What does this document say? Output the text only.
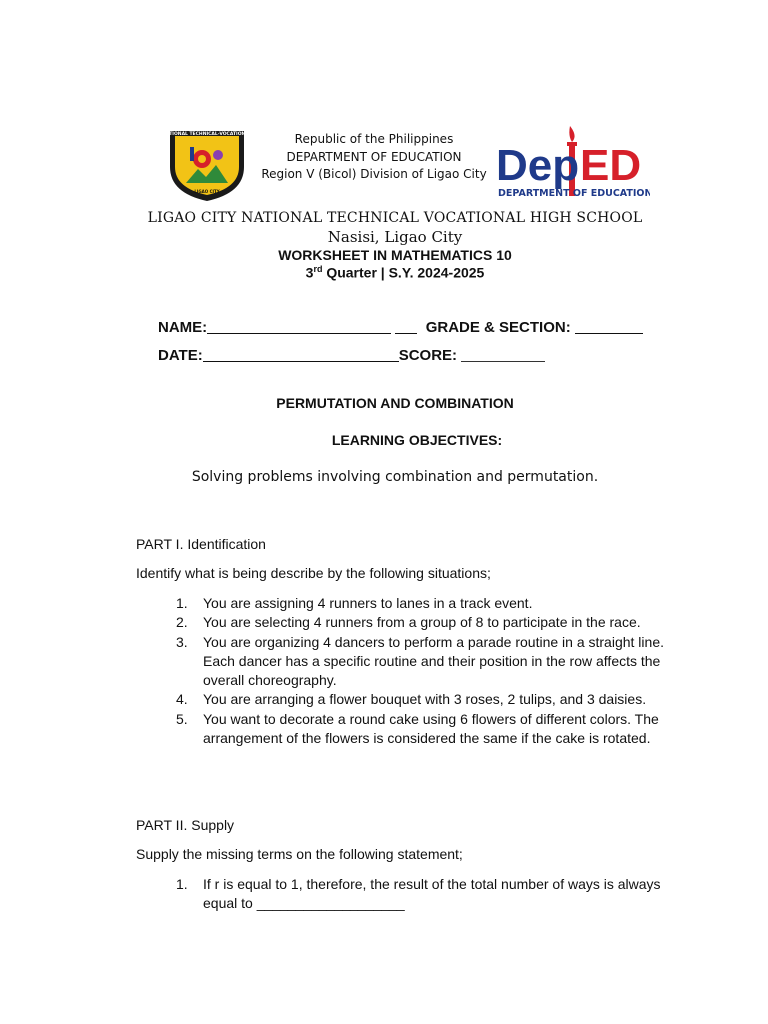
NATIONAL TECHNICAL-VOCATIONAL
LIGAO CITY
Republic of the Philippines
DEPARTMENT OF EDUCATION
Region V (Bicol) Division of Ligao City Dep ED
DEPARTMENT OF EDUCATION
LIGAO CITY NATIONAL TECHNICAL VOCATIONAL HIGH SCHOOL
Nasisi, Ligao City
WORKSHEET IN MATHEMATICS 10
3rd Quarter | S.Y. 2024-2025
NAME:	GRADE & SECTION:
DATE:	SCORE:
PERMUTATION AND COMBINATION
LEARNING OBJECTIVES:
Solving problems involving combination and permutation.
PART I. Identification
Identify what is being describe by the following situations;
1.	You are assigning 4 runners to lanes in a track event.
2.	You are selecting 4 runners from a group of 8 to participate in the race.
3.	You are organizing 4 dancers to perform a parade routine in a straight line. Each dancer has a specific routine and their position in the row affects the overall choreography.
4.	You are arranging a flower bouquet with 3 roses, 2 tulips, and 3 daisies.
5.	You want to decorate a round cake using 6 flowers of different colors. The arrangement of the flowers is considered the same if the cake is rotated.
PART II. Supply
Supply the missing terms on the following statement;
1.	If r is equal to 1, therefore, the result of the total number of ways is always equal to ___________________
